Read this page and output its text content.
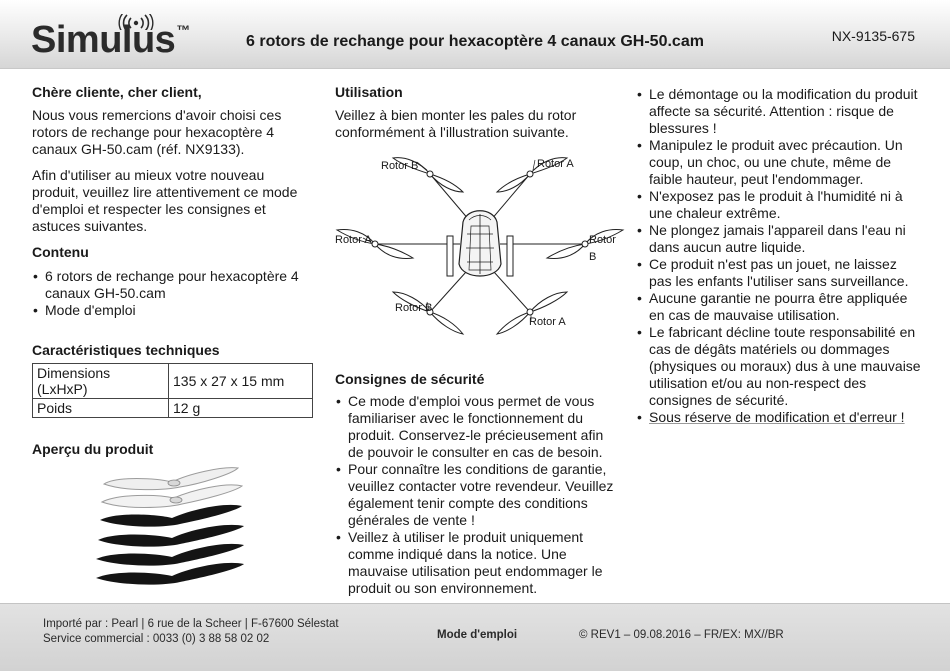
Simulus™
6 rotors de rechange pour hexacoptère 4 canaux GH-50.cam	NX-9135-675
Chère cliente, cher client,

Nous vous remercions d'avoir choisi ces rotors de rechange pour hexacoptère 4 canaux GH-50.cam (réf. NX9133).

Afin d'utiliser au mieux votre nouveau produit, veuillez lire attentivement ce mode d'emploi et respecter les consignes et astuces suivantes.

Contenu
• 6 rotors de rechange pour hexacoptère 4 canaux GH-50.cam
• Mode d'emploi
Caractéristiques techniques
Dimensions (LxHxP)	135 x 27 x 15 mm
Poids	12 g
Aperçu du produit
Utilisation

Veillez à bien monter les pales du rotor conformément à l'illustration suivante.

Rotor B	Rotor A
Rotor A	Rotor B
Rotor B
Rotor A
Consignes de sécurité
• Ce mode d'emploi vous permet de vous familiariser avec le fonctionnement du produit. Conservez-le précieusement afin de pouvoir le consulter en cas de besoin.
• Pour connaître les conditions de garantie, veuillez contacter votre revendeur. Veuillez également tenir compte des conditions générales de vente !
• Veillez à utiliser le produit uniquement comme indiqué dans la notice. Une mauvaise utilisation peut endommager le produit ou son environnement.
• Le démontage ou la modification du produit affecte sa sécurité. Attention : risque de blessures !
• Manipulez le produit avec précaution. Un coup, un choc, ou une chute, même de faible hauteur, peut l'endommager.
• N'exposez pas le produit à l'humidité ni à une chaleur extrême.
• Ne plongez jamais l'appareil dans l'eau ni dans aucun autre liquide.
• Ce produit n'est pas un jouet, ne laissez pas les enfants l'utiliser sans surveillance.
• Aucune garantie ne pourra être appliquée en cas de mauvaise utilisation.
• Le fabricant décline toute responsabilité en cas de dégâts matériels ou dommages (physiques ou moraux) dus à une mauvaise utilisation et/ou au non-respect des consignes de sécurité.
• Sous réserve de modification et d'erreur !
Importé par : Pearl | 6 rue de la Scheer | F-67600 Sélestat
Service commercial : 0033 (0) 3 88 58 02 02	Mode d'emploi	© REV1 – 09.08.2016 – FR/EX: MX//BR
